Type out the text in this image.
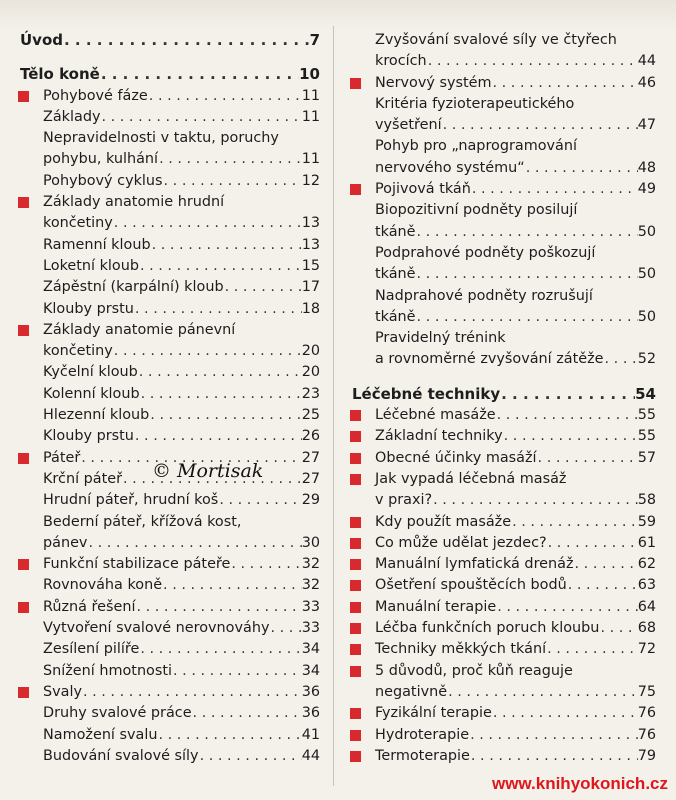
Úvod . . .	7
Tělo koně . . .	10
Pohybové fáze . . .	11
Základy . . .	11
Nepravidelnosti v taktu, poruchy
pohybu, kulhání . . .	11
Pohybový cyklus . . .	12
Základy anatomie hrudní
končetiny . . .	13
Ramenní kloub . . .	13
Loketní kloub . . .	15
Zápěstní (karpální) kloub . . .	17
Klouby prstu . . .	18
Základy anatomie pánevní
končetiny . . .	20
Kyčelní kloub . . .	20
Kolenní kloub . . .	23
Hlezenní kloub . . .	25
Klouby prstu . . .	26
Páteř . . .	27
Krční páteř . . .	27
Hrudní páteř, hrudní koš . . .	29
Bederní páteř, křížová kost,
pánev . . .	30
Funkční stabilizace páteře . . .	32
Rovnováha koně . . .	32
Různá řešení . . .	33
Vytvoření svalové nerovnováhy . . . 33
Zesílení pilíře . . .	34
Snížení hmotnosti . . .	34
Svaly . . .	36
Druhy svalové práce . . .	36
Namožení svalu . . .	41
Budování svalové síly . . .	44
Zvyšování svalové síly ve čtyřech
krocích . . .	44
Nervový systém . . .	46
Kritéria fyzioterapeutického
vyšetření . . .	47
Pohyb pro „naprogramování
nervového systému“ . . .	48
Pojivová tkáň . . .	49
Biopozitivní podněty posilují
tkáně . . .	50
Podprahové podněty poškozují
tkáně . . .	50
Nadprahové podněty rozrušují
tkáně . . .	50
Pravidelný trénink
a rovnoměrné zvyšování zátěže . . . 52
Léčebné techniky . . .	54
Léčebné masáže . . .	55
Základní techniky . . .	55
Obecné účinky masáží . . .	57
Jak vypadá léčebná masáž
v praxi? . . .	58
Kdy použít masáže . . .	59
Co může udělat jezdec? . . .	61
Manuální lymfatická drenáž . . .	62
Ošetření spouštěcích bodů . . .	63
Manuální terapie . . .	64
Léčba funkčních poruch kloubu . . .	68
Techniky měkkých tkání . . .	72
5 důvodů, proč kůň reaguje
negativně . . .	75
Fyzikální terapie . . .	76
Hydroterapie . . .	76
Termoterapie . . .	79
© Mortisak
www.knihyokonich.cz
